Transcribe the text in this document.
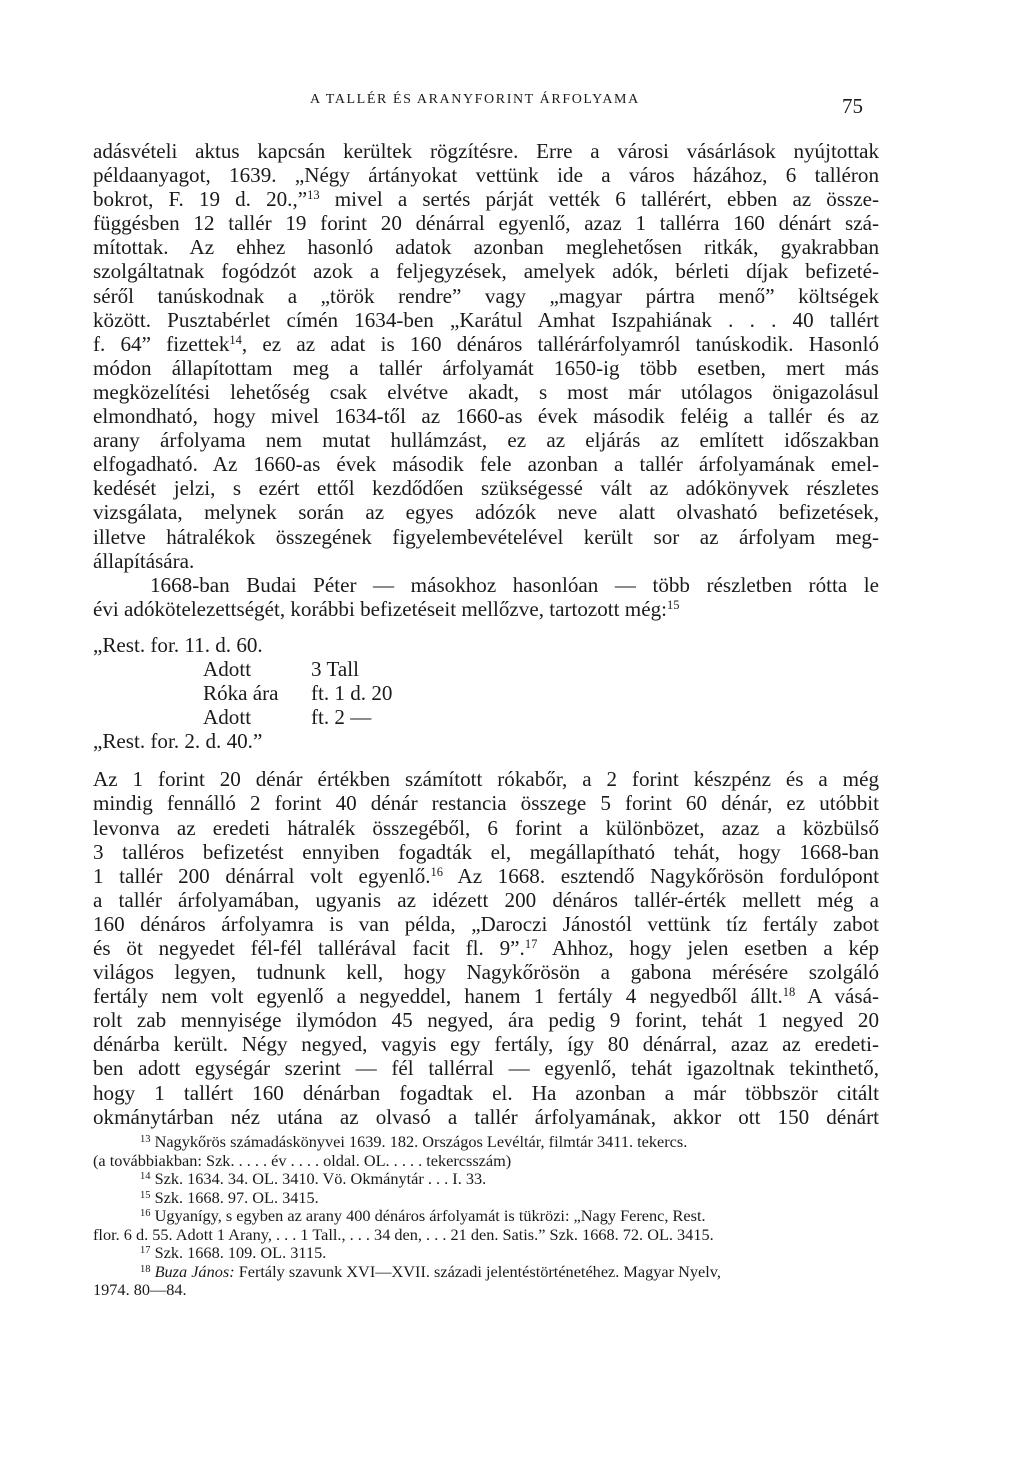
A TALLÉR ÉS ARANYFORINT ÁRFOLYAMA	75
adásvételi aktus kapcsán kerültek rögzítésre. Erre a városi vásárlások nyújtottak
példaanyagot, 1639. „Négy ártányokat vettünk ide a város házához, 6 talléron
bokrot, F. 19 d. 20.,”$^{13}$ mivel a sertés párját vették 6 tallérért, ebben az össze-
függésben 12 tallér 19 forint 20 dénárral egyenlő, azaz 1 tallérra 160 dénárt szá-
mítottak. Az ehhez hasonló adatok azonban meglehetősen ritkák, gyakrabban
szolgáltatnak fogódzót azok a feljegyzések, amelyek adók, bérleti díjak befizeté-
séről tanúskodnak a „török rendre” vagy „magyar pártra menő” költségek
között. Pusztabérlet címén 1634-ben „Karátul Amhat Iszpahiának . . . 40 tallért
f. 64” fizettek$^{14}$, ez az adat is 160 dénáros tallérárfolyamról tanúskodik. Hasonló
módon állapítottam meg a tallér árfolyamát 1650-ig több esetben, mert más
megközelítési lehetőség csak elvétve akadt, s most már utólagos önigazolásul
elmondható, hogy mivel 1634-től az 1660-as évek második feléig a tallér és az
arany árfolyama nem mutat hullámzást, ez az eljárás az említett időszakban
elfogadható. Az 1660-as évek második fele azonban a tallér árfolyamának emel-
kedését jelzi, s ezért ettől kezdődően szükségessé vált az adókönyvek részletes
vizsgálata, melynek során az egyes adózók neve alatt olvasható befizetések,
illetve hátralékok összegének figyelembevételével került sor az árfolyam meg-
állapítására.
1668-ban Budai Péter — másokhoz hasonlóan — több részletben rótta le
évi adókötelezettségét, korábbi befizetéseit mellőzve, tartozott még:$^{15}$
„Rest. for. 11. d. 60.
Adott	3 Tall
Róka ára ft. 1 d. 20
Adott	ft. 2 —
„Rest. for. 2. d. 40.”
Az 1 forint 20 dénár értékben számított rókabőr, a 2 forint készpénz és a még
mindig fennálló 2 forint 40 dénár restancia összege 5 forint 60 dénár, ez utóbbit
levonva az eredeti hátralék összegéből, 6 forint a különbözet, azaz a közbülső
3 talléros befizetést ennyiben fogadták el, megállapítható tehát, hogy 1668-ban
1 tallér 200 dénárral volt egyenlő.$^{16}$ Az 1668. esztendő Nagykőrösön fordulópont
a tallér árfolyamában, ugyanis az idézett 200 dénáros tallér-érték mellett még a
160 dénáros árfolyamra is van példa, „Daroczi Jánostól vettünk tíz fertály zabot
és öt negyedet fél-fél tallérával facit fl. 9”.$^{17}$ Ahhoz, hogy jelen esetben a kép
világos legyen, tudnunk kell, hogy Nagykőrösön a gabona mérésére szolgáló
fertály nem volt egyenlő a negyeddel, hanem 1 fertály 4 negyedből állt.$^{18}$ A vásá-
rolt zab mennyisége ilymódon 45 negyed, ára pedig 9 forint, tehát 1 negyed 20
dénárba került. Négy negyed, vagyis egy fertály, így 80 dénárral, azaz az eredeti-
ben adott egységár szerint — fél tallérral — egyenlő, tehát igazoltnak tekinthető,
hogy 1 tallért 160 dénárban fogadtak el. Ha azonban a már többször citált
okmánytárban néz utána az olvasó a tallér árfolyamának, akkor ott 150 dénárt
$^{13}$ Nagykőrös számadáskönyvei 1639. 182. Országos Levéltár, filmtár 3411. tekercs.
(a továbbiakban: Szk. . . . . év . . . . oldal. OL. . . . . tekercsszám)
$^{14}$ Szk. 1634. 34. OL. 3410. Vö. Okmánytár . . . I. 33.
$^{15}$ Szk. 1668. 97. OL. 3415.
$^{16}$ Ugyanígy, s egyben az arany 400 dénáros árfolyamát is tükrözi: „Nagy Ferenc, Rest.
flor. 6 d. 55. Adott 1 Arany, . . . 1 Tall., . . . 34 den, . . . 21 den. Satis.” Szk. 1668. 72. OL. 3415.
$^{17}$ Szk. 1668. 109. OL. 3115.
$^{18}$ Buza János: Fertály szavunk XVI—XVII. századi jelentéstörténetéhez. Magyar Nyelv,
1974. 80—84.
